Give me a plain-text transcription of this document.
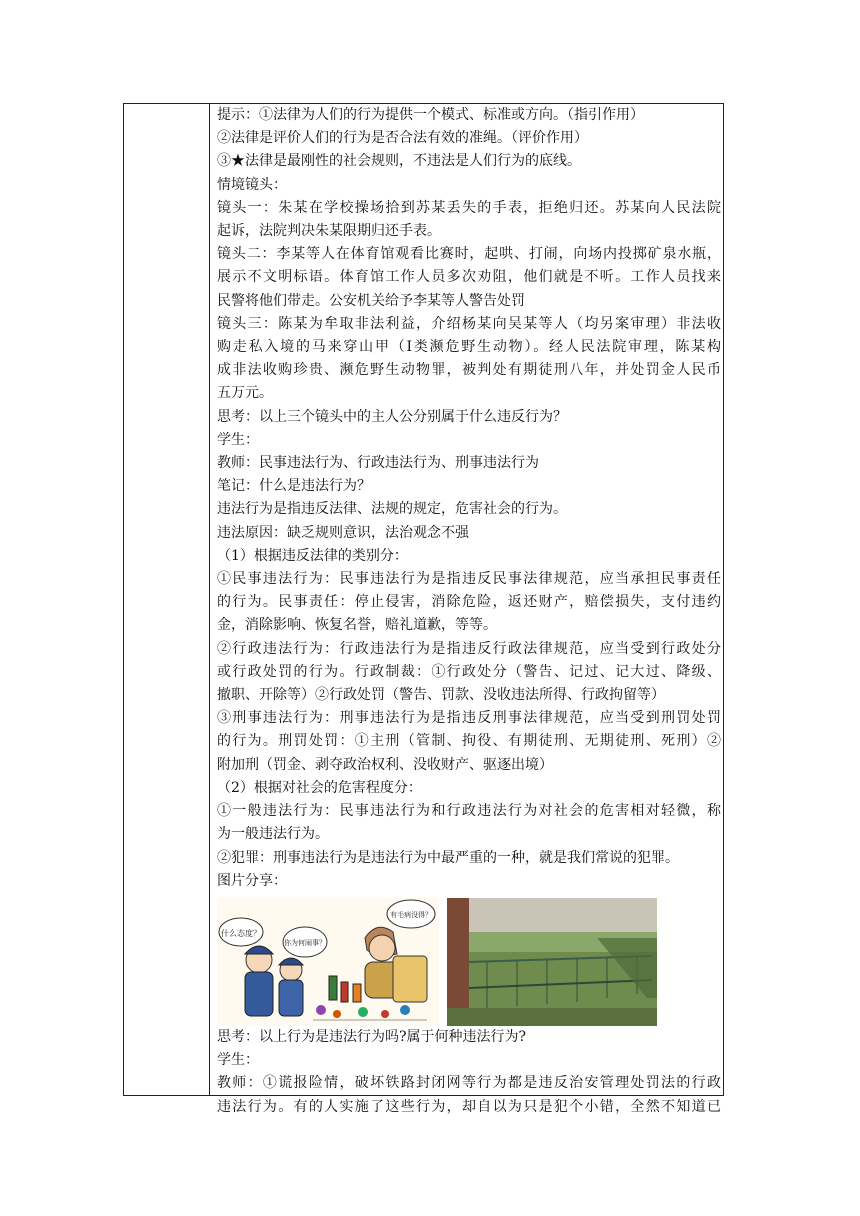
提示：①法律为人们的行为提供一个模式、标准或方向。（指引作用）
②法律是评价人们的行为是否合法有效的准绳。（评价作用）
③★法律是最刚性的社会规则，不违法是人们行为的底线。
情境镜头：
镜头一：朱某在学校操场拾到苏某丢失的手表，拒绝归还。苏某向人民法院
起诉，法院判决朱某限期归还手表。
镜头二：李某等人在体育馆观看比赛时，起哄、打闹，向场内投掷矿泉水瓶，
展示不文明标语。体育馆工作人员多次劝阻，他们就是不听。工作人员找来
民警将他们带走。公安机关给予李某等人警告处罚
镜头三：陈某为牟取非法利益，介绍杨某向吴某等人（均另案审理）非法收
购走私入境的马来穿山甲（Ⅰ类濒危野生动物）。经人民法院审理，陈某构
成非法收购珍贵、濒危野生动物罪，被判处有期徒刑八年，并处罚金人民币
五万元。
思考：以上三个镜头中的主人公分别属于什么违反行为？
学生：
教师：民事违法行为、行政违法行为、刑事违法行为
笔记：什么是违法行为？
违法行为是指违反法律、法规的规定，危害社会的行为。
违法原因：缺乏规则意识，法治观念不强
（1）根据违反法律的类别分：
①民事违法行为：民事违法行为是指违反民事法律规范，应当承担民事责任
的行为。民事责任：停止侵害，消除危险，返还财产，赔偿损失，支付违约
金，消除影响、恢复名誉，赔礼道歉，等等。
②行政违法行为：行政违法行为是指违反行政法律规范，应当受到行政处分
或行政处罚的行为。行政制裁：①行政处分（警告、记过、记大过、降级、
撤职、开除等）②行政处罚（警告、罚款、没收违法所得、行政拘留等）
③刑事违法行为：刑事违法行为是指违反刑事法律规范，应当受到刑罚处罚
的行为。刑罚处罚：①主刑（管制、拘役、有期徒刑、无期徒刑、死刑）②
附加刑（罚金、剥夺政治权利、没收财产、驱逐出境）
（2）根据对社会的危害程度分：
①一般违法行为：民事违法行为和行政违法行为对社会的危害相对轻微，称
为一般违法行为。
②犯罪：刑事违法行为是违法行为中最严重的一种，就是我们常说的犯罪。
图片分享：
什么态度？
你为何闹事？
有毛病没得？
思考：以上行为是违法行为吗?属于何种违法行为?
学生：
教师：①谎报险情，破坏铁路封闭网等行为都是违反治安管理处罚法的行政
违法行为。有的人实施了这些行为，却自以为只是犯个小错，全然不知道已
